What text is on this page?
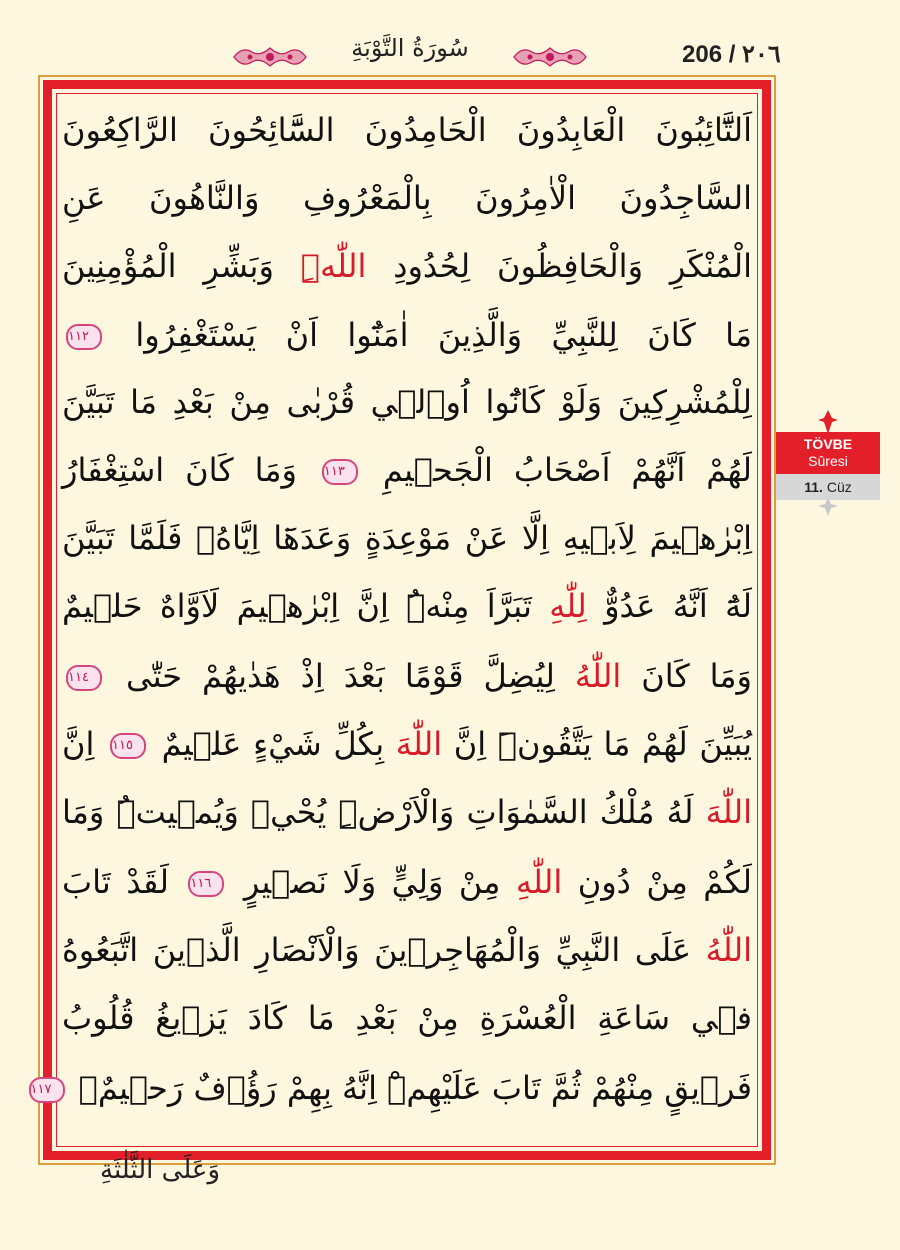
سُورَةُ التَّوْبَةِ	206 / ٢٠٦
اَلتَّٓائِبُونَ الْعَابِدُونَ الْحَامِدُونَ السَّٓائِحُونَ الرَّاكِعُونَ
السَّاجِدُونَ الْاٰمِرُونَ بِالْمَعْرُوفِ وَالنَّاهُونَ عَنِ
الْمُنْكَرِ وَالْحَافِظُونَ لِحُدُودِ اللّٰهِۜ وَبَشِّرِ الْمُؤْمِنِينَ
مَا كَانَ لِلنَّبِيِّ وَالَّذِينَ اٰمَنُٓوا اَنْ يَسْتَغْفِرُوا ١١٢
لِلْمُشْرِكِينَ وَلَوْ كَانُٓوا اُو۬لٖي قُرْبٰى مِنْ بَعْدِ مَا تَبَيَّنَ
لَهُمْ اَنَّهُمْ اَصْحَابُ الْجَح۪يمِ ١١٣ وَمَا كَانَ اسْتِغْفَارُ
اِبْرٰه۪يمَ لِاَب۪يهِ اِلَّا عَنْ مَوْعِدَةٍ وَعَدَهَٓا اِيَّاهُۚ فَلَمَّا تَبَيَّنَ
لَهُٓ اَنَّهُ عَدُوٌّ لِلّٰهِ تَبَرَّاَ مِنْهُۜ اِنَّ اِبْرٰه۪يمَ لَاَوَّاهٌ حَل۪يمٌ
وَمَا كَانَ اللّٰهُ لِيُضِلَّ قَوْمًا بَعْدَ اِذْ هَدٰيهُمْ حَتّٰى ١١٤
يُبَيِّنَ لَهُمْ مَا يَتَّقُونَۜ اِنَّ اللّٰهَ بِكُلِّ شَيْءٍ عَل۪يمٌ ١١٥ اِنَّ
اللّٰهَ لَهُ مُلْكُ السَّمٰوَاتِ وَالْاَرْضِۜ يُحْي۪ وَيُم۪يتُۜ وَمَا
لَكُمْ مِنْ دُونِ اللّٰهِ مِنْ وَلِيٍّ وَلَا نَص۪يرٍ ١١٦ لَقَدْ تَابَ
اللّٰهُ عَلَى النَّبِيِّ وَالْمُهَاجِر۪ينَ وَالْاَنْصَارِ الَّذ۪ينَ اتَّبَعُوهُ
ف۪ي سَاعَةِ الْعُسْرَةِ مِنْ بَعْدِ مَا كَادَ يَز۪يغُ قُلُوبُ
فَر۪يقٍ مِنْهُمْ ثُمَّ تَابَ عَلَيْهِمْۜ اِنَّهُ بِهِمْ رَؤُ۫فٌ رَح۪يمٌۙ ١١٧
وَعَلَى الثَّلٰثَةِ
TÖVBE
Sûresi
11. Cüz
